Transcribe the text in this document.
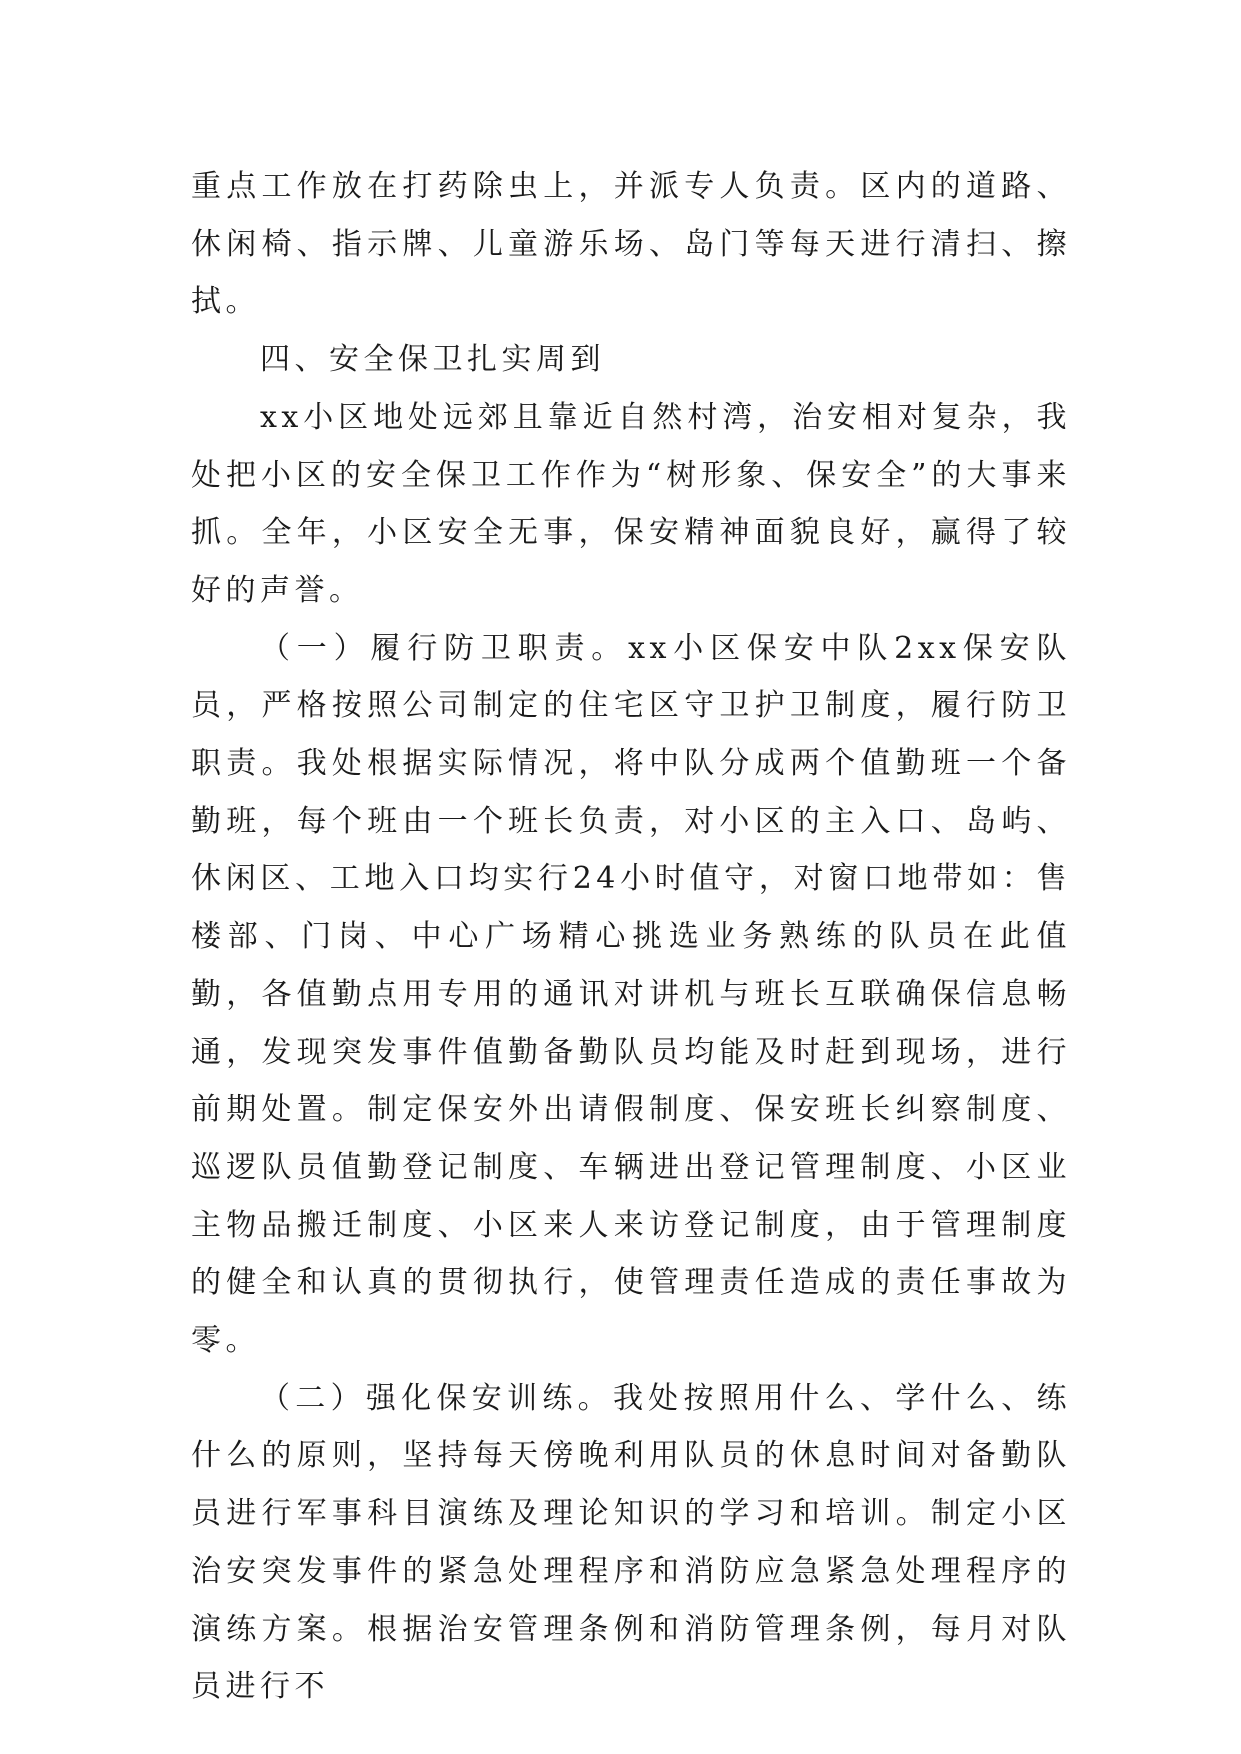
重点工作放在打药除虫上，并派专人负责。区内的道路、休闲椅、指示牌、儿童游乐场、岛门等每天进行清扫、擦拭。

四、安全保卫扎实周到

xx小区地处远郊且靠近自然村湾，治安相对复杂，我处把小区的安全保卫工作作为“树形象、保安全”的大事来抓。全年，小区安全无事，保安精神面貌良好，赢得了较好的声誉。

（一）履行防卫职责。xx小区保安中队2xx保安队员，严格按照公司制定的住宅区守卫护卫制度，履行防卫职责。我处根据实际情况，将中队分成两个值勤班一个备勤班，每个班由一个班长负责，对小区的主入口、岛屿、休闲区、工地入口均实行24小时值守，对窗口地带如：售楼部、门岗、中心广场精心挑选业务熟练的队员在此值勤，各值勤点用专用的通讯对讲机与班长互联确保信息畅通，发现突发事件值勤备勤队员均能及时赶到现场，进行前期处置。制定保安外出请假制度、保安班长纠察制度、巡逻队员值勤登记制度、车辆进出登记管理制度、小区业主物品搬迁制度、小区来人来访登记制度，由于管理制度的健全和认真的贯彻执行，使管理责任造成的责任事故为零。

（二）强化保安训练。我处按照用什么、学什么、练什么的原则，坚持每天傍晚利用队员的休息时间对备勤队员进行军事科目演练及理论知识的学习和培训。制定小区治安突发事件的紧急处理程序和消防应急紧急处理程序的演练方案。根据治安管理条例和消防管理条例，每月对队员进行不
